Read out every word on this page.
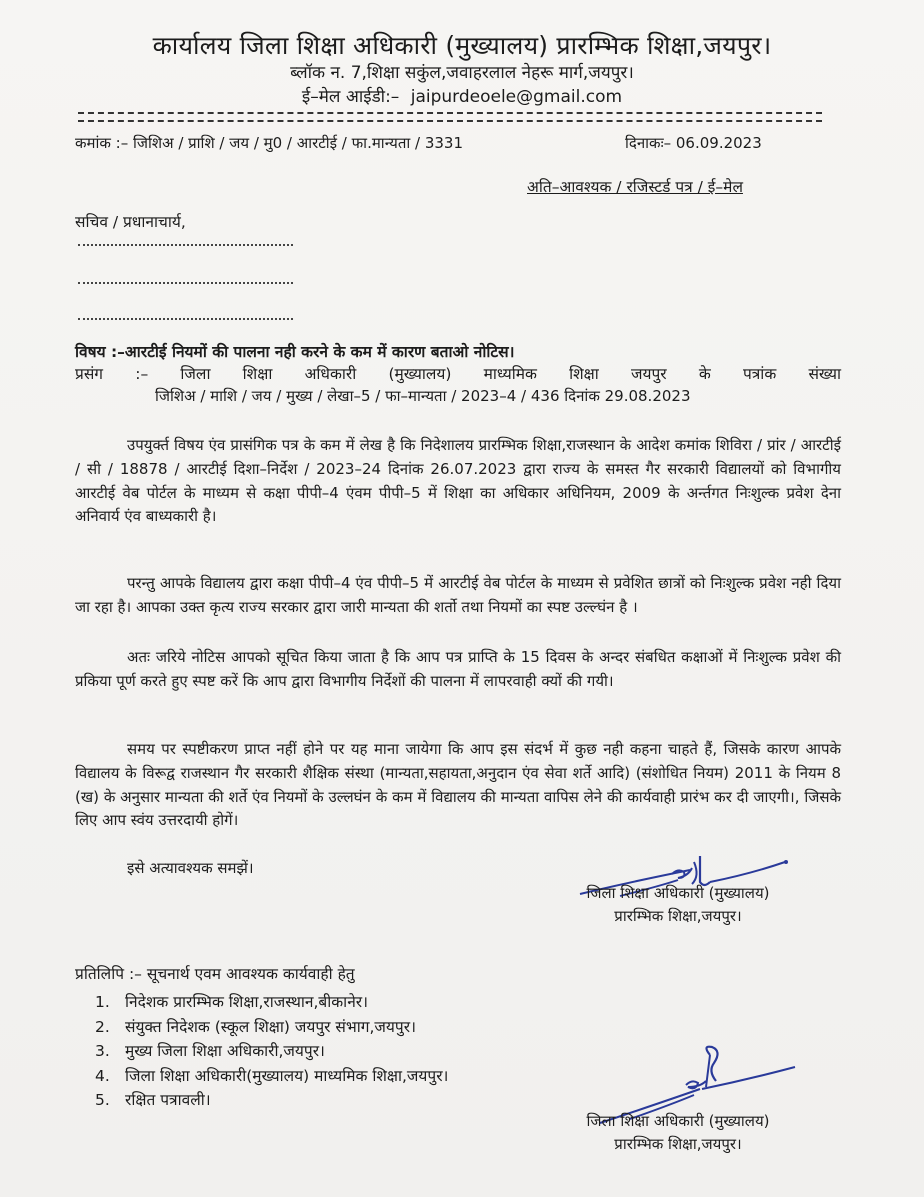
कार्यालय जिला शिक्षा अधिकारी (मुख्यालय) प्रारम्भिक शिक्षा,जयपुर।
ब्लॉक न. 7,शिक्षा सकुंल,जवाहरलाल नेहरू मार्ग,जयपुर।
ई–मेल आईडी:– jaipurdeoele@gmail.com
कमांक :– जिशिअ / प्राशि / जय / मु0 / आरटीई / फा.मान्यता / 3331	दिनाकः– 06.09.2023
अति–आवश्यक / रजिस्टर्ड पत्र / ई–मेल
सचिव / प्रधानाचार्य,
विषय :–आरटीई नियमों की पालना नही करने के कम में कारण बताओ नोटिस।
प्रसंग :– जिला शिक्षा अधिकारी (मुख्यालय) माध्यमिक शिक्षा जयपुर के पत्रांक संख्या
जिशिअ / माशि / जय / मुख्य / लेखा–5 / फा–मान्यता / 2023–4 / 436 दिनांक 29.08.2023
उपयुर्क्त विषय एंव प्रासंगिक पत्र के कम में लेख है कि निदेशालय प्रारम्भिक शिक्षा,राजस्थान के आदेश कमांक शिविरा / प्रांर / आरटीई / सी / 18878 / आरटीई दिशा–निर्देश / 2023–24 दिनांक 26.07.2023 द्वारा राज्य के समस्त गैर सरकारी विद्यालयों को विभागीय आरटीई वेब पोर्टल के माध्यम से कक्षा पीपी–4 एंवम पीपी–5 में शिक्षा का अधिकार अधिनियम, 2009 के अर्न्तगत निःशुल्क प्रवेश देना अनिवार्य एंव बाध्यकारी है।
परन्तु आपके विद्यालय द्वारा कक्षा पीपी–4 एंव पीपी–5 में आरटीई वेब पोर्टल के माध्यम से प्रवेशित छात्रों को निःशुल्क प्रवेश नही दिया जा रहा है। आपका उक्त कृत्य राज्य सरकार द्वारा जारी मान्यता की शर्तो तथा नियमों का स्पष्ट उल्ल्घंन है ।
अतः जरिये नोटिस आपको सूचित किया जाता है कि आप पत्र प्राप्ति के 15 दिवस के अन्दर संबधित कक्षाओं में निःशुल्क प्रवेश की प्रकिया पूर्ण करते हुए स्पष्ट करें कि आप द्वारा विभागीय निर्देशों की पालना में लापरवाही क्यों की गयी।
समय पर स्पष्टीकरण प्राप्त नहीं होने पर यह माना जायेगा कि आप इस संदर्भ में कुछ नही कहना चाहते हैं, जिसके कारण आपके विद्यालय के विरूद्व राजस्थान गैर सरकारी शैक्षिक संस्था (मान्यता,सहायता,अनुदान एंव सेवा शर्ते आदि) (संशोधित नियम) 2011 के नियम 8 (ख) के अनुसार मान्यता की शर्ते एंव नियमों के उल्लघंन के कम में विद्यालय की मान्यता वापिस लेने की कार्यवाही प्रारंभ कर दी जाएगी।, जिसके लिए आप स्वंय उत्तरदायी होगें।
इसे अत्यावश्यक समझें।
जिला शिक्षा अधिकारी (मुख्यालय)
प्रारम्भिक शिक्षा,जयपुर।
प्रतिलिपि :– सूचनार्थ एवम आवश्यक कार्यवाही हेतु
1. निदेशक प्रारम्भिक शिक्षा,राजस्थान,बीकानेर।
2. संयुक्त निदेशक (स्कूल शिक्षा) जयपुर संभाग,जयपुर।
3. मुख्य जिला शिक्षा अधिकारी,जयपुर।
4. जिला शिक्षा अधिकारी(मुख्यालय) माध्यमिक शिक्षा,जयपुर।
5. रक्षित पत्रावली।
जिला शिक्षा अधिकारी (मुख्यालय)
प्रारम्भिक शिक्षा,जयपुर।
